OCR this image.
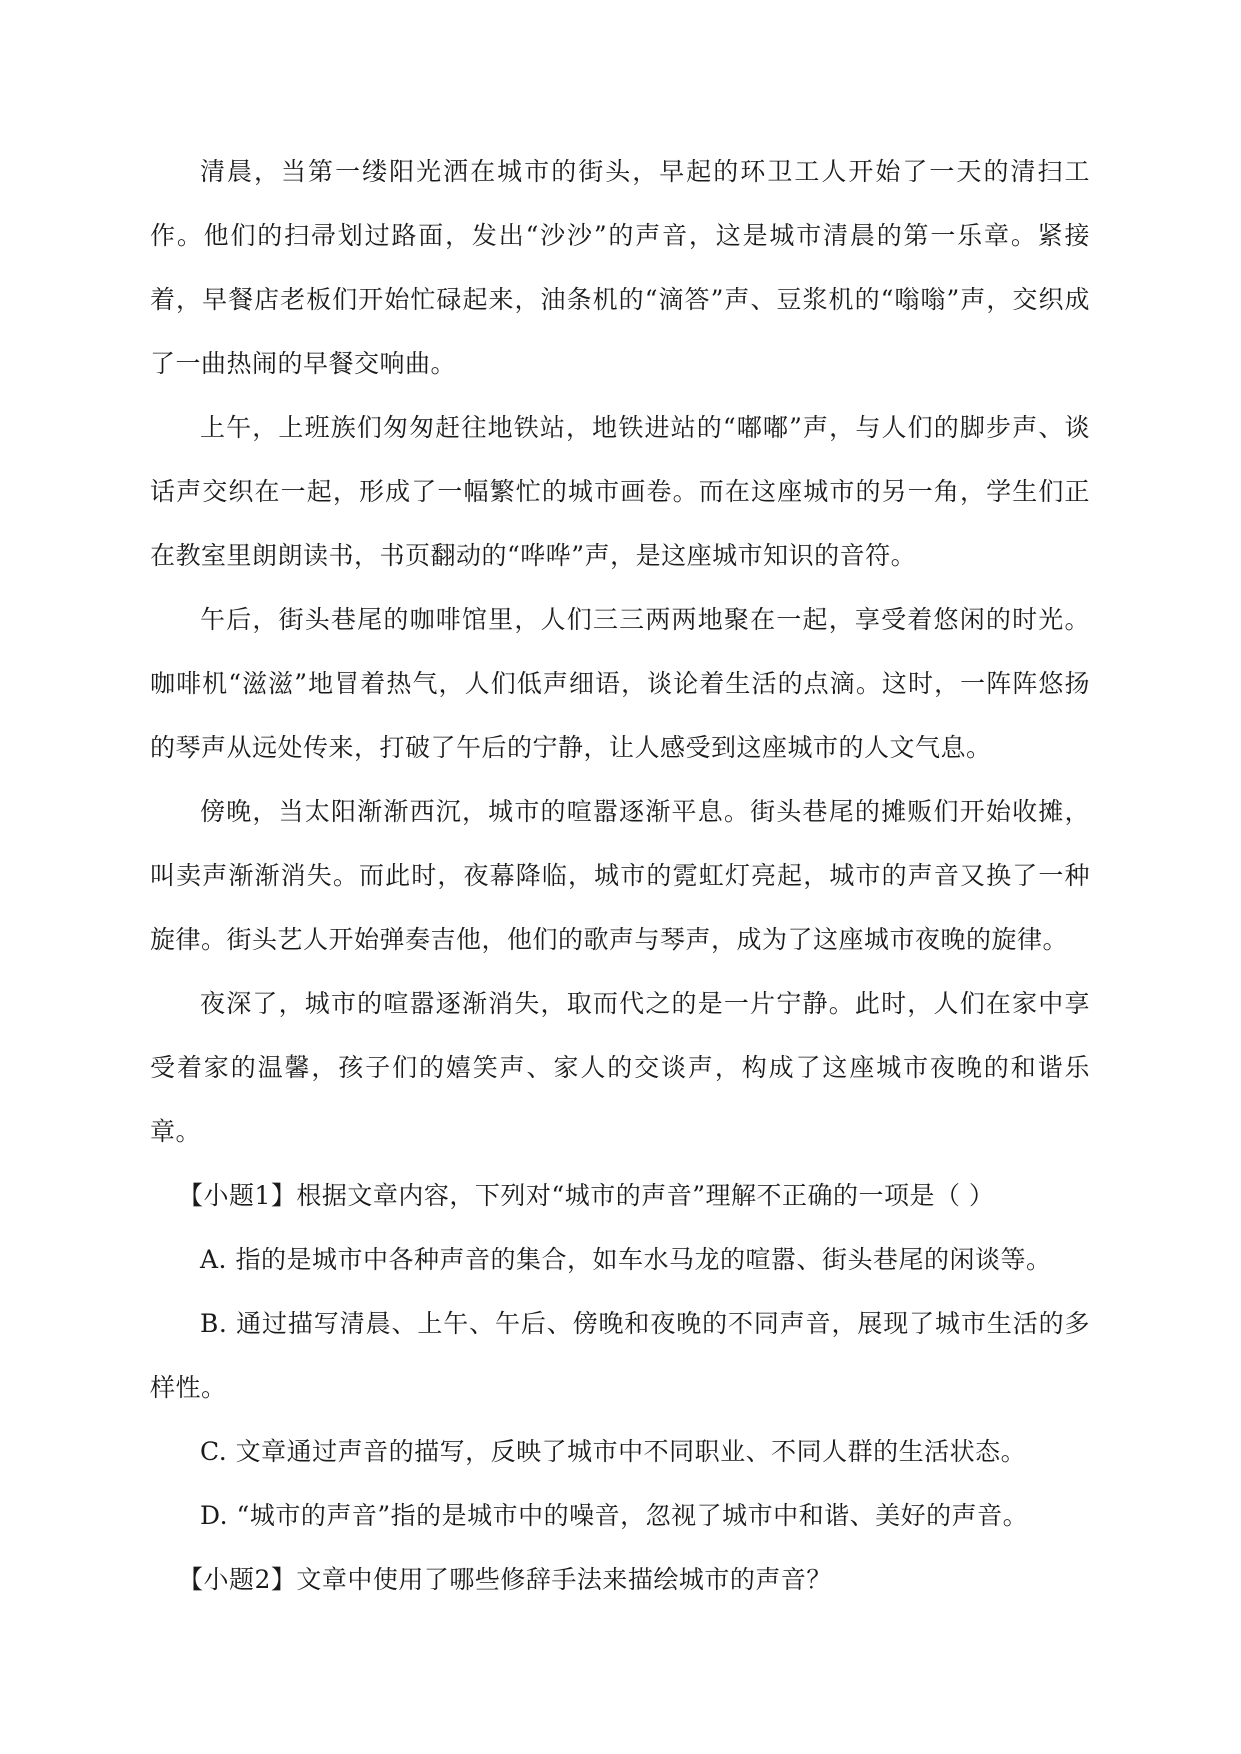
清晨，当第一缕阳光洒在城市的街头，早起的环卫工人开始了一天的清扫工作。他们的扫帚划过路面，发出“沙沙”的声音，这是城市清晨的第一乐章。紧接着，早餐店老板们开始忙碌起来，油条机的“滴答”声、豆浆机的“嗡嗡”声，交织成了一曲热闹的早餐交响曲。

上午，上班族们匆匆赶往地铁站，地铁进站的“嘟嘟”声，与人们的脚步声、谈话声交织在一起，形成了一幅繁忙的城市画卷。而在这座城市的另一角，学生们正在教室里朗朗读书，书页翻动的“哗哗”声，是这座城市知识的音符。

午后，街头巷尾的咖啡馆里，人们三三两两地聚在一起，享受着悠闲的时光。咖啡机“滋滋”地冒着热气，人们低声细语，谈论着生活的点滴。这时，一阵阵悠扬的琴声从远处传来，打破了午后的宁静，让人感受到这座城市的人文气息。

傍晚，当太阳渐渐西沉，城市的喧嚣逐渐平息。街头巷尾的摊贩们开始收摊，叫卖声渐渐消失。而此时，夜幕降临，城市的霓虹灯亮起，城市的声音又换了一种旋律。街头艺人开始弹奏吉他，他们的歌声与琴声，成为了这座城市夜晚的旋律。

夜深了，城市的喧嚣逐渐消失，取而代之的是一片宁静。此时，人们在家中享受着家的温馨，孩子们的嬉笑声、家人的交谈声，构成了这座城市夜晚的和谐乐章。

【小题1】根据文章内容，下列对“城市的声音”理解不正确的一项是（ ）

A. 指的是城市中各种声音的集合，如车水马龙的喧嚣、街头巷尾的闲谈等。

B. 通过描写清晨、上午、午后、傍晚和夜晚的不同声音，展现了城市生活的多样性。

C. 文章通过声音的描写，反映了城市中不同职业、不同人群的生活状态。

D. “城市的声音”指的是城市中的噪音，忽视了城市中和谐、美好的声音。

【小题2】文章中使用了哪些修辞手法来描绘城市的声音？
